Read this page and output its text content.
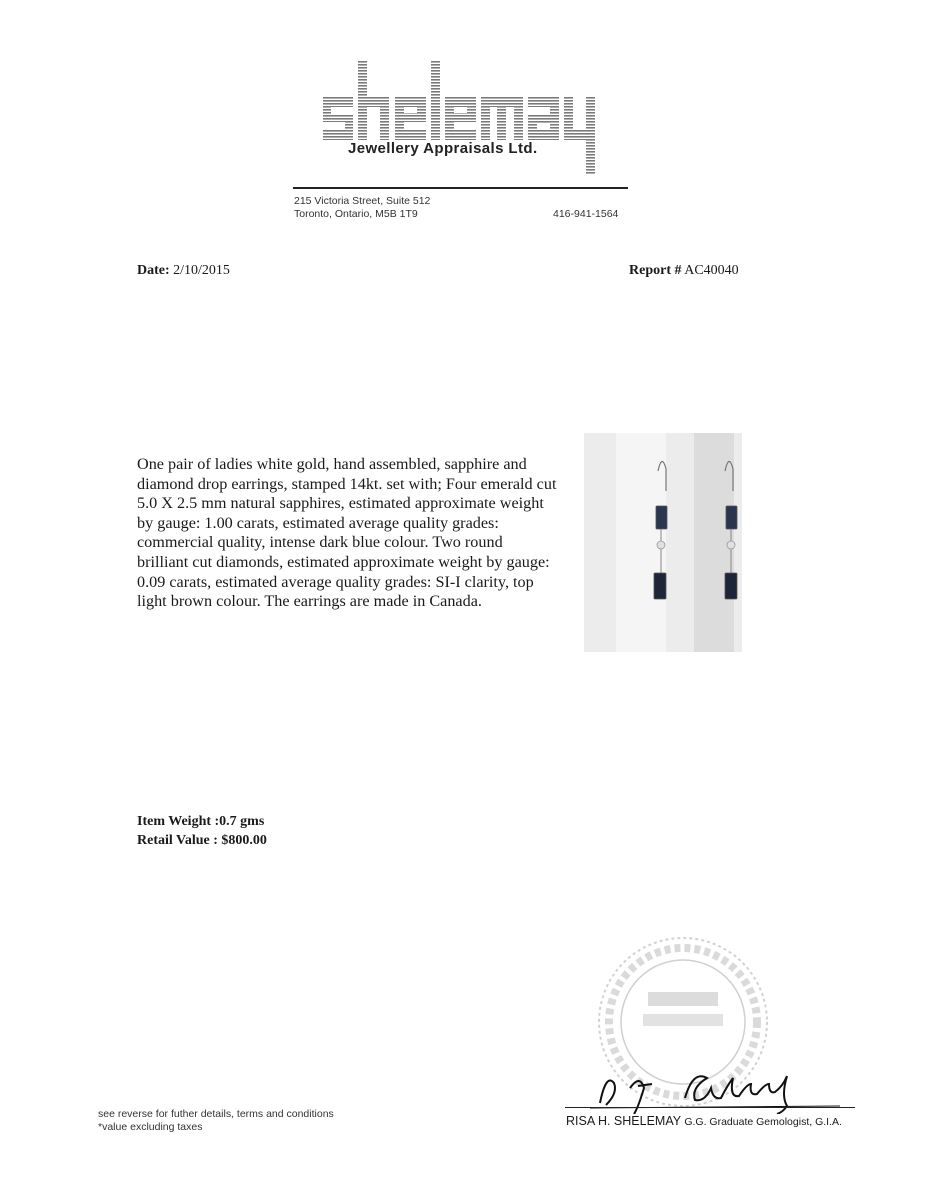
Jewellery Appraisals Ltd.
215 Victoria Street, Suite 512
Toronto, Ontario, M5B 1T9	416-941-1564
Date: 2/10/2015	Report # AC40040
One pair of ladies white gold, hand assembled, sapphire and diamond drop earrings, stamped 14kt. set with; Four emerald cut 5.0 X 2.5 mm natural sapphires, estimated approximate weight by gauge: 1.00 carats, estimated average quality grades: commercial quality, intense dark blue colour. Two round brilliant cut diamonds, estimated approximate weight by gauge: 0.09 carats, estimated average quality grades: SI-I clarity, top light brown colour. The earrings are made in Canada.
Item Weight :0.7 gms
Retail Value : $800.00
RISA H. SHELEMAY G.G. Graduate Gemologist, G.I.A.
see reverse for futher details, terms and conditions
*value excluding taxes
